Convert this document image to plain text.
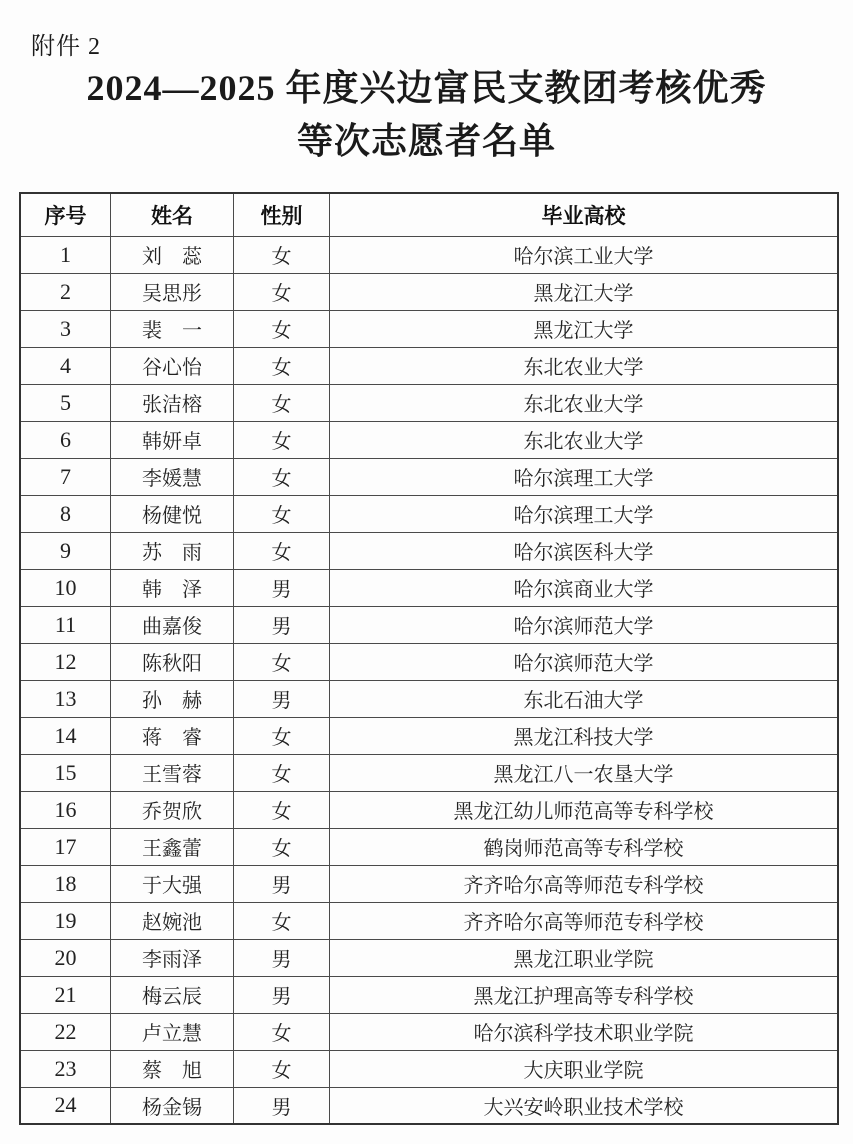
附件 2
2024—2025 年度兴边富民支教团考核优秀
等次志愿者名单
序号	姓名	性别	毕业高校
1	刘　蕊	女	哈尔滨工业大学
2	吴思彤	女	黑龙江大学
3	裴　一	女	黑龙江大学
4	谷心怡	女	东北农业大学
5	张洁榕	女	东北农业大学
6	韩妍卓	女	东北农业大学
7	李媛慧	女	哈尔滨理工大学
8	杨健悦	女	哈尔滨理工大学
9	苏　雨	女	哈尔滨医科大学
10	韩　泽	男	哈尔滨商业大学
11	曲嘉俊	男	哈尔滨师范大学
12	陈秋阳	女	哈尔滨师范大学
13	孙　赫	男	东北石油大学
14	蒋　睿	女	黑龙江科技大学
15	王雪蓉	女	黑龙江八一农垦大学
16	乔贺欣	女	黑龙江幼儿师范高等专科学校
17	王鑫蕾	女	鹤岗师范高等专科学校
18	于大强	男	齐齐哈尔高等师范专科学校
19	赵婉池	女	齐齐哈尔高等师范专科学校
20	李雨泽	男	黑龙江职业学院
21	梅云辰	男	黑龙江护理高等专科学校
22	卢立慧	女	哈尔滨科学技术职业学院
23	蔡　旭	女	大庆职业学院
24	杨金锡	男	大兴安岭职业技术学校
